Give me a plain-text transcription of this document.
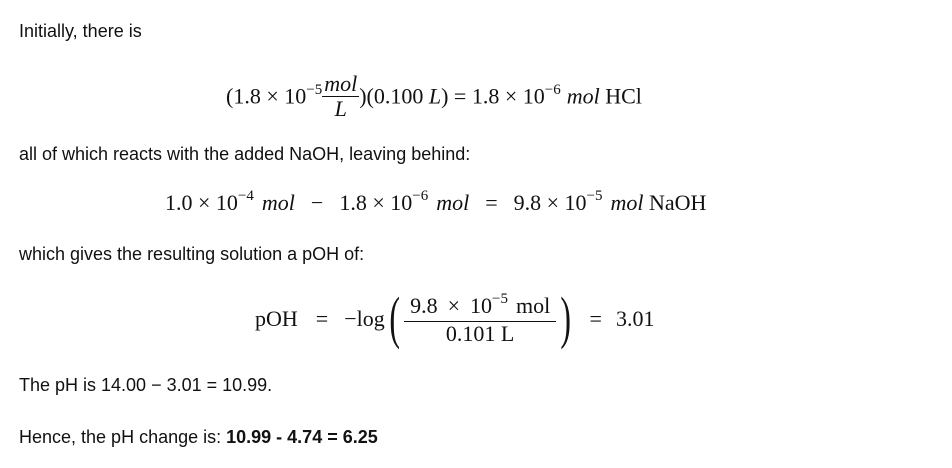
Initially, there is
$(1.8 \times 10^{-5} \frac{\text{mol}}{L} )(0.100$ $L) = 1.8 \times 10^{-6}$ mol HCl
all of which reacts with the added NaOH, leaving behind:
$1.0 \times 10^{-4}$ mol − $1.8 \times 10^{-6}$ mol = $9.8 \times 10^{-5}$ mol NaOH
which gives the resulting solution a pOH of:
pOH = $-\log( \frac{9.8 \times 10^{-5} mol}{0.101 L}$ ) = 3.01
The pH is 14.00 − 3.01 = 10.99.
Hence, the pH change is: 10.99 - 4.74 = 6.25
